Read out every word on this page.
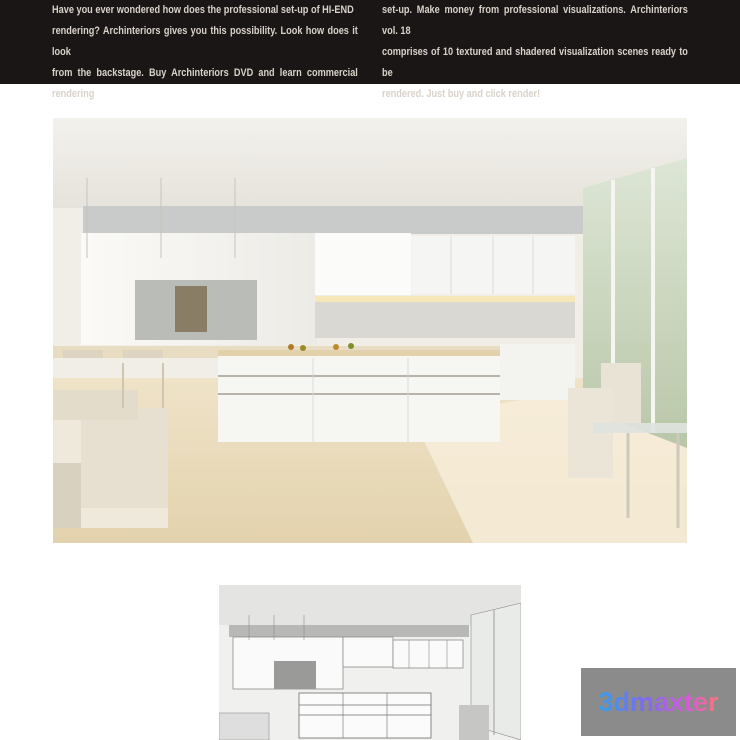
Have you ever wondered how does the professional set-up of HI-END
rendering? Archinteriors gives you this possibility. Look how does it look
from the backstage. Buy Archinteriors DVD and learn commercial rendering
set-up. Make money from professional visualizations. Archinteriors vol. 18
comprises of 10 textured and shadered visualization scenes ready to be
rendered. Just buy and click render!
3dmaxter
